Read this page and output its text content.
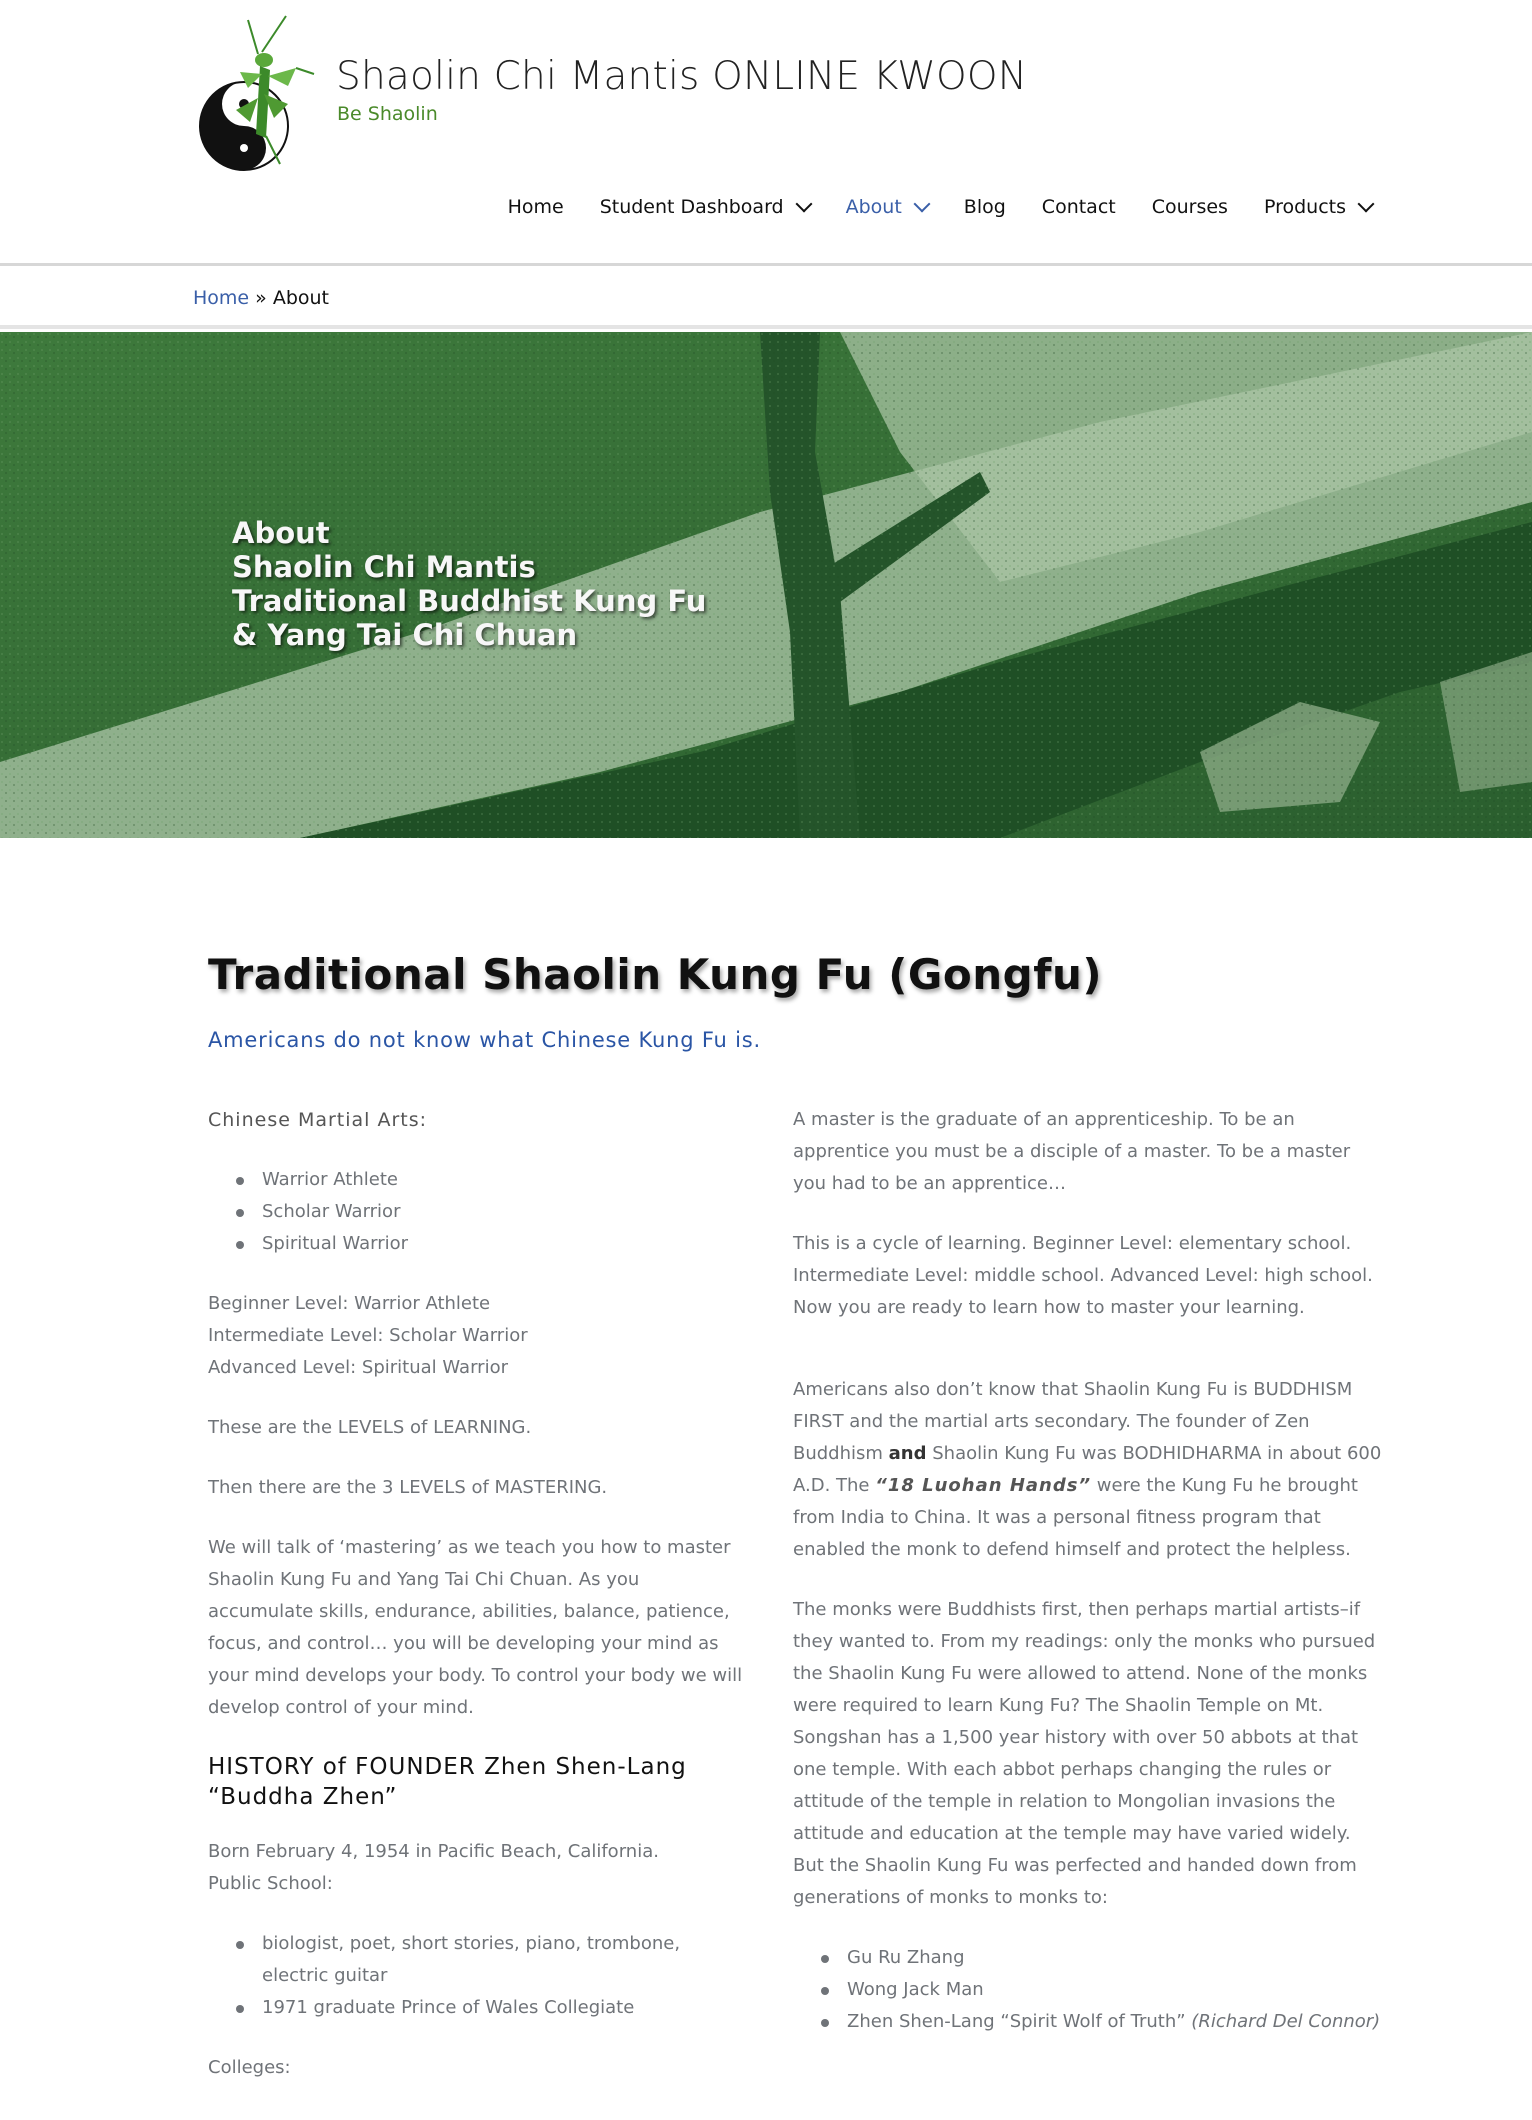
Shaolin Chi Mantis ONLINE KWOON
Be Shaolin
Home Student Dashboard	About	Blog Contact Courses Products
Home » About
About
Shaolin Chi Mantis
Traditional Buddhist Kung Fu
& Yang Tai Chi Chuan
Traditional Shaolin Kung Fu (Gongfu)
Americans do not know what Chinese Kung Fu is.
Chinese Martial Arts:
Warrior Athlete
Scholar Warrior
Spiritual Warrior

Beginner Level: Warrior Athlete
Intermediate Level: Scholar Warrior
Advanced Level: Spiritual Warrior

These are the LEVELS of LEARNING.

Then there are the 3 LEVELS of MASTERING.

We will talk of ‘mastering’ as we teach you how to master Shaolin Kung Fu and Yang Tai Chi Chuan. As you accumulate skills, endurance, abilities, balance, patience, focus, and control… you will be developing your mind as your mind develops your body. To control your body we will develop control of your mind.

HISTORY of FOUNDER Zhen Shen-Lang “Buddha Zhen”

Born February 4, 1954 in Pacific Beach, California.
Public School:

biologist, poet, short stories, piano, trombone, electric guitar
1971 graduate Prince of Wales Collegiate

Colleges:

A master is the graduate of an apprenticeship. To be an apprentice you must be a disciple of a master. To be a master you had to be an apprentice…

This is a cycle of learning. Beginner Level: elementary school. Intermediate Level: middle school. Advanced Level: high school. Now you are ready to learn how to master your learning.

Americans also don’t know that Shaolin Kung Fu is BUDDHISM FIRST and the martial arts secondary. The founder of Zen Buddhism and Shaolin Kung Fu was BODHIDHARMA in about 600 A.D. The “18 Luohan Hands” were the Kung Fu he brought from India to China. It was a personal fitness program that enabled the monk to defend himself and protect the helpless.

The monks were Buddhists first, then perhaps martial artists–if they wanted to. From my readings: only the monks who pursued the Shaolin Kung Fu were allowed to attend. None of the monks were required to learn Kung Fu? The Shaolin Temple on Mt. Songshan has a 1,500 year history with over 50 abbots at that one temple. With each abbot perhaps changing the rules or attitude of the temple in relation to Mongolian invasions the attitude and education at the temple may have varied widely. But the Shaolin Kung Fu was perfected and handed down from generations of monks to monks to:

Gu Ru Zhang
Wong Jack Man
Zhen Shen-Lang “Spirit Wolf of Truth” (Richard Del Connor)
